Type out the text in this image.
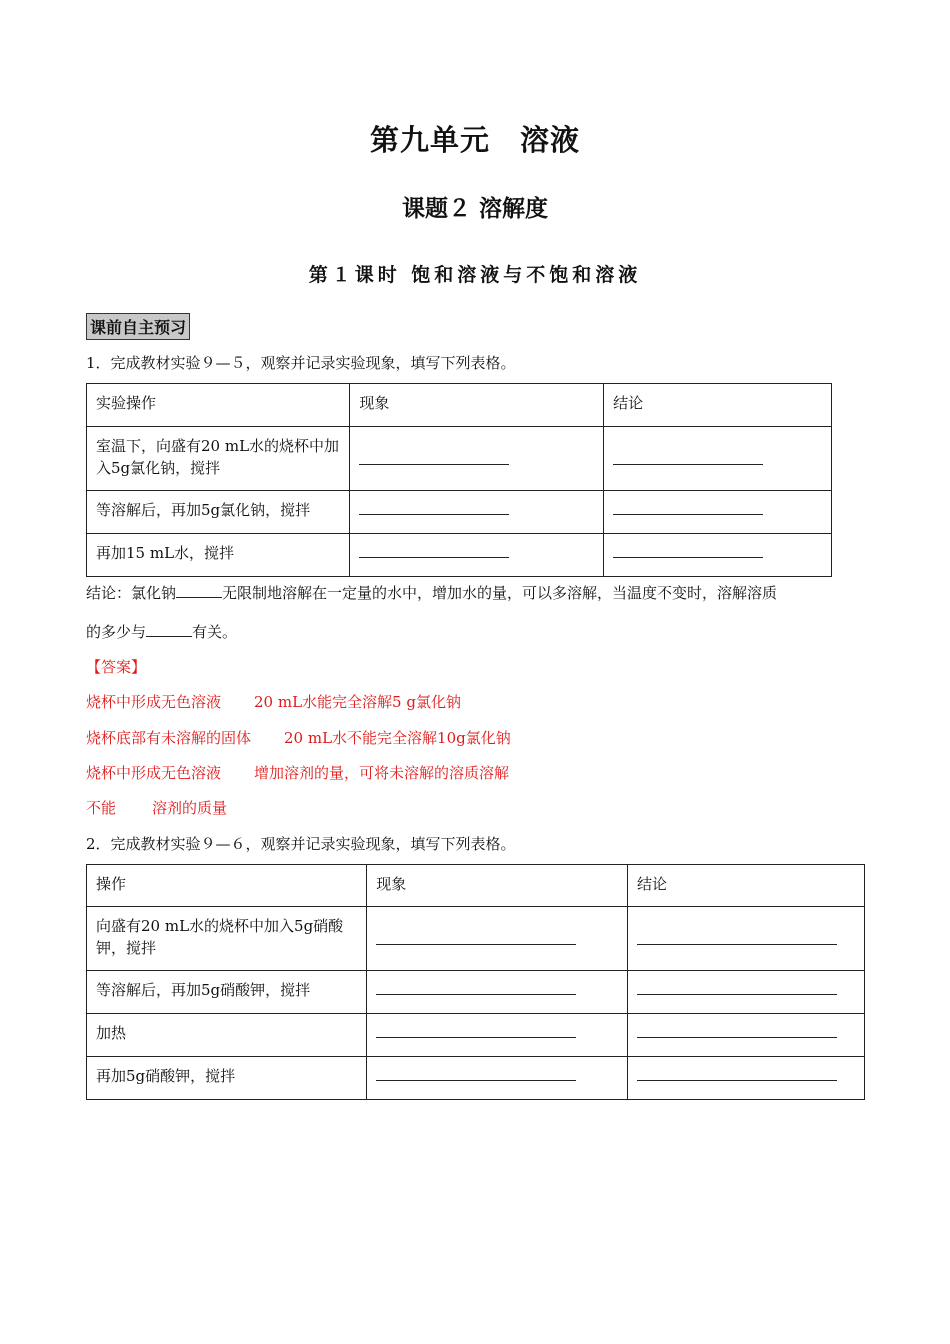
第九单元　溶液
课题２ 溶解度
第１课时 饱和溶液与不饱和溶液
课前自主预习
1．完成教材实验９—５，观察并记录实验现象，填写下列表格。
实验操作	现象	结论
室温下，向盛有20 mL水的烧杯中加入5g氯化钠，搅拌		
等溶解后，再加5g氯化钠，搅拌		
再加15 mL水，搅拌		
结论：氯化钠	无限制地溶解在一定量的水中，增加水的量，可以多溶解，当温度不变时，溶解溶质
的多少与	有关。
【答案】
烧杯中形成无色溶液 20 mL水能完全溶解5 g氯化钠
烧杯底部有未溶解的固体 20 mL水不能完全溶解10g氯化钠
烧杯中形成无色溶液 增加溶剂的量，可将未溶解的溶质溶解
不能 溶剂的质量
2．完成教材实验９—６，观察并记录实验现象，填写下列表格。
操作	现象	结论
向盛有20 mL水的烧杯中加入5g硝酸钾，搅拌		
等溶解后，再加5g硝酸钾，搅拌		
加热		
再加5g硝酸钾，搅拌		
